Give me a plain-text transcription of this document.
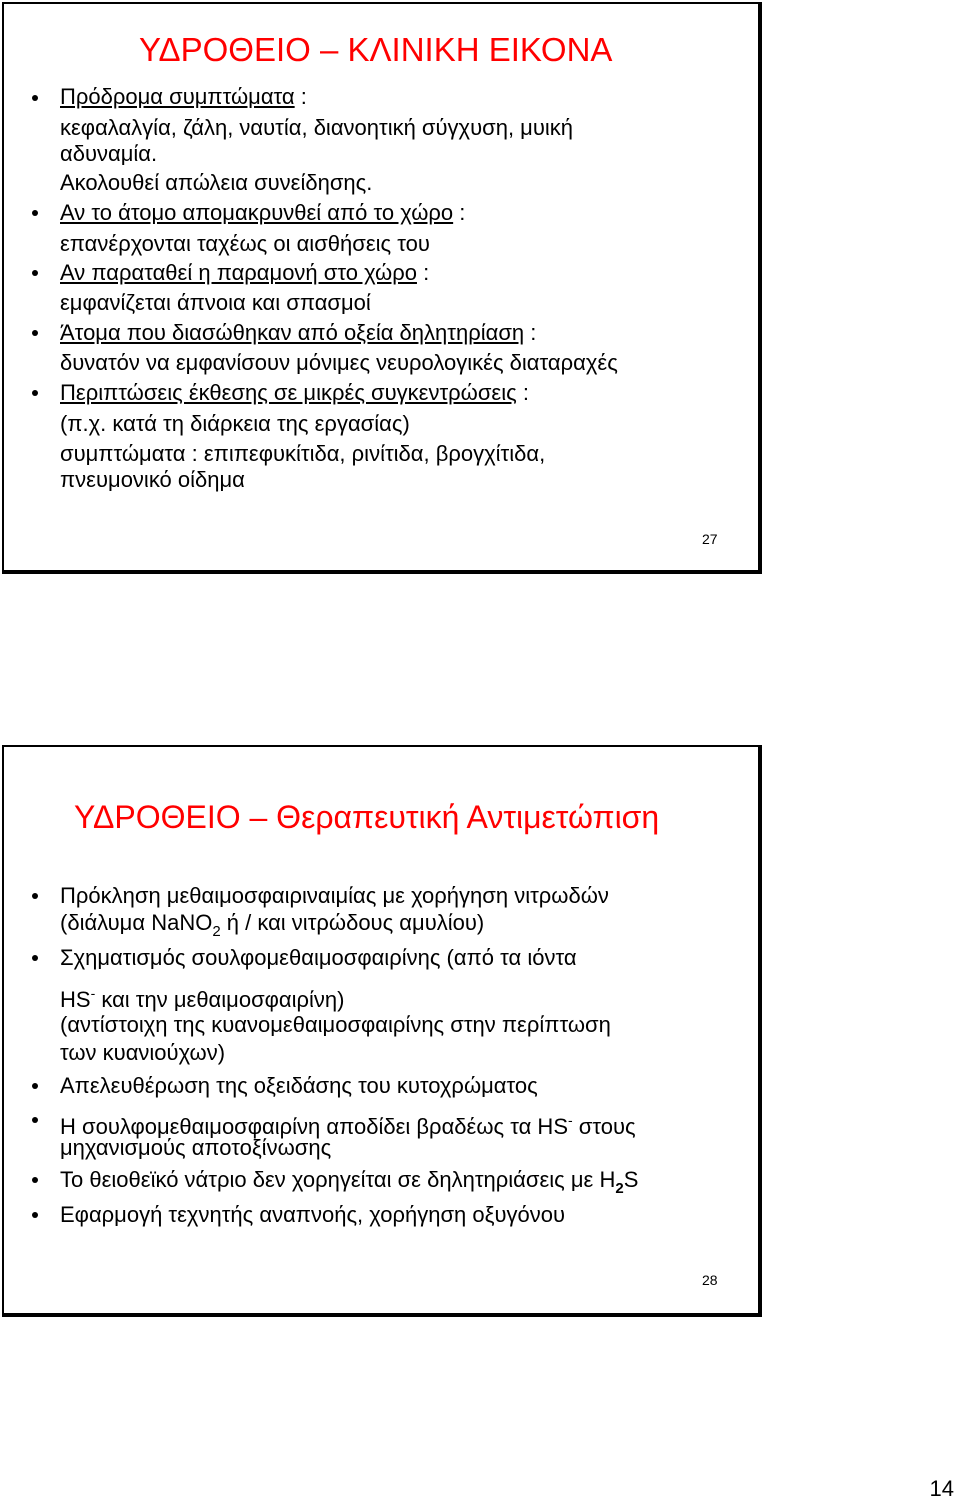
ΥΔΡΟΘΕΙΟ – ΚΛΙΝΙΚΗ ΕΙΚΟΝΑ
Πρόδρομα συμπτώματα :
κεφαλαλγία, ζάλη, ναυτία, διανοητική σύγχυση, μυική
αδυναμία.
Ακολουθεί απώλεια συνείδησης.
Αν το άτομο απομακρυνθεί από το χώρο :
επανέρχονται ταχέως οι αισθήσεις του
Αν παραταθεί η παραμονή στο χώρο :
εμφανίζεται άπνοια και σπασμοί
Άτομα που διασώθηκαν από οξεία δηλητηρίαση :
δυνατόν να εμφανίσουν μόνιμες νευρολογικές διαταραχές
Περιπτώσεις έκθεσης σε μικρές συγκεντρώσεις :
(π.χ. κατά τη διάρκεια της εργασίας)
συμπτώματα : επιπεφυκίτιδα, ρινίτιδα, βρογχίτιδα,
πνευμονικό οίδημα
27
ΥΔΡΟΘΕΙΟ – Θεραπευτική Αντιμετώπιση
Πρόκληση μεθαιμοσφαιριναιμίας με χορήγηση νιτρωδών
(διάλυμα NaNO$_2$ ή / και νιτρώδους αμυλίου)
Σχηματισμός σουλφομεθαιμοσφαιρίνης (από τα ιόντα
HS- και την μεθαιμοσφαιρίνη)
(αντίστοιχη της κυανομεθαιμοσφαιρίνης στην περίπτωση
των κυανιούχων)
Απελευθέρωση της οξειδάσης του κυτοχρώματος
Η σουλφομεθαιμοσφαιρίνη αποδίδει βραδέως τα HS- στους
μηχανισμούς αποτοξίνωσης
Το θειοθεϊκό νάτριο δεν χορηγείται σε δηλητηριάσεις με $H_2S$
Εφαρμογή τεχνητής αναπνοής, χορήγηση οξυγόνου
28
14
